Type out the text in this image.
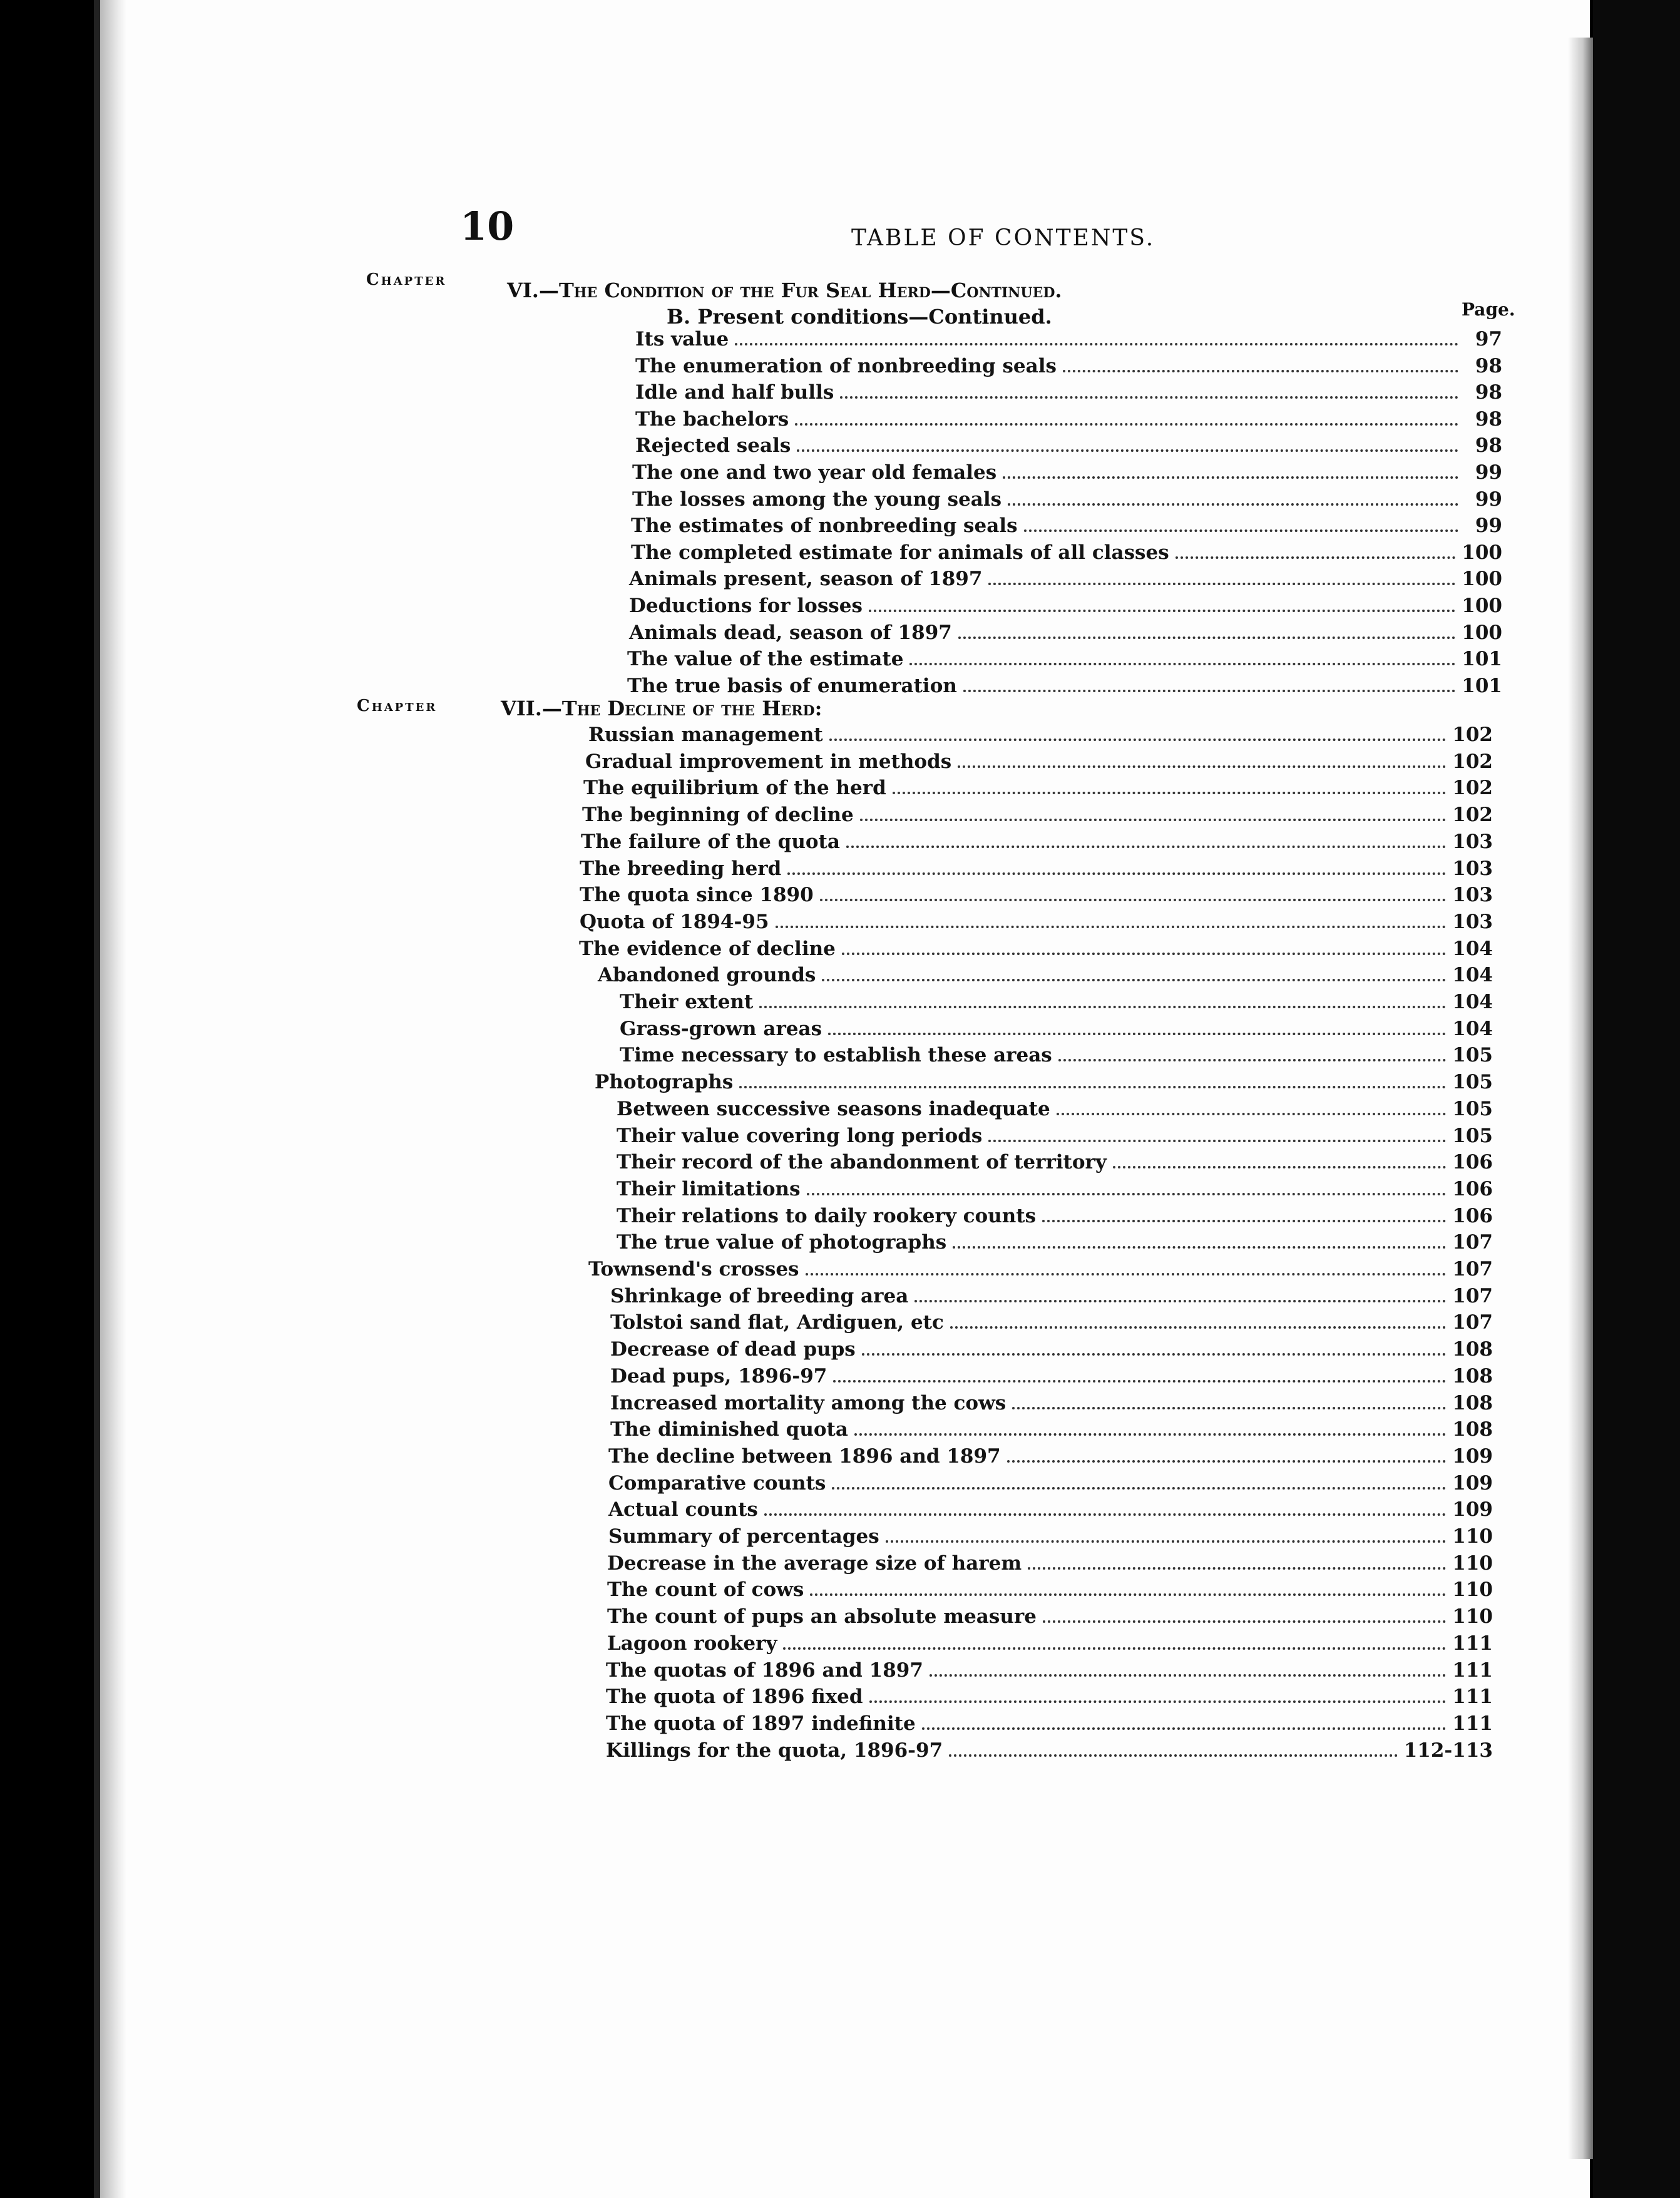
10	TABLE OF CONTENTS.
Chapter	VI.—The Condition of the Fur Seal Herd—Continued.
Page.
B. Present conditions—Continued.
Its value	97
The enumeration of nonbreeding seals	98
Idle and half bulls	98
The bachelors	98
Rejected seals	98
The one and two year old females	99
The losses among the young seals	99
The estimates of nonbreeding seals	99
The completed estimate for animals of all classes	100
Animals present, season of 1897	100
Deductions for losses	100
Animals dead, season of 1897	100
The value of the estimate	101
The true basis of enumeration	101
Chapter	VII.—The Decline of the Herd:
Russian management	102
Gradual improvement in methods	102
The equilibrium of the herd	102
The beginning of decline	102
The failure of the quota	103
The breeding herd	103
The quota since 1890	103
Quota of 1894-95	103
The evidence of decline	104
Abandoned grounds	104
Their extent	104
Grass-grown areas	104
Time necessary to establish these areas	105
Photographs	105
Between successive seasons inadequate	105
Their value covering long periods	105
Their record of the abandonment of territory	106
Their limitations	106
Their relations to daily rookery counts	106
The true value of photographs	107
Townsend's crosses	107
Shrinkage of breeding area	107
Tolstoi sand flat, Ardiguen, etc	107
Decrease of dead pups	108
Dead pups, 1896-97	108
Increased mortality among the cows	108
The diminished quota	108
The decline between 1896 and 1897	109
Comparative counts	109
Actual counts	109
Summary of percentages	110
Decrease in the average size of harem	110
The count of cows	110
The count of pups an absolute measure	110
Lagoon rookery	111
The quotas of 1896 and 1897	111
The quota of 1896 fixed	111
The quota of 1897 indefinite	111
Killings for the quota, 1896-97	112-113
